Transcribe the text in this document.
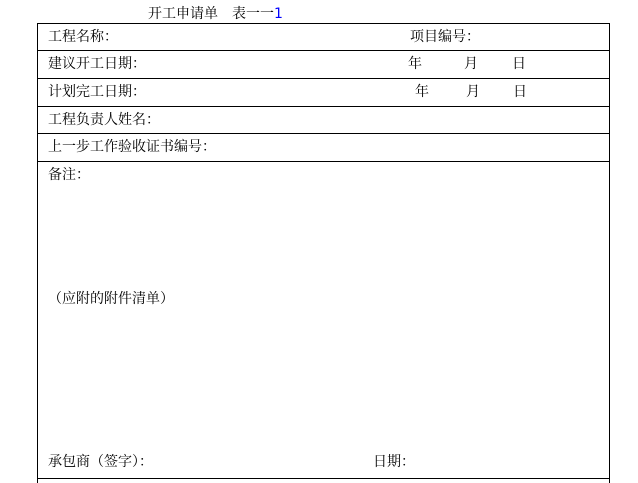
开工申请单 表一一1
工程名称：	项目编号：
建议开工日期：	年	月 日
计划完工日期：	年	月 日
工程负责人姓名：
上一步工作验收证书编号：
备注：
（应附的附件清单）
承包商（签字）：	日期：
